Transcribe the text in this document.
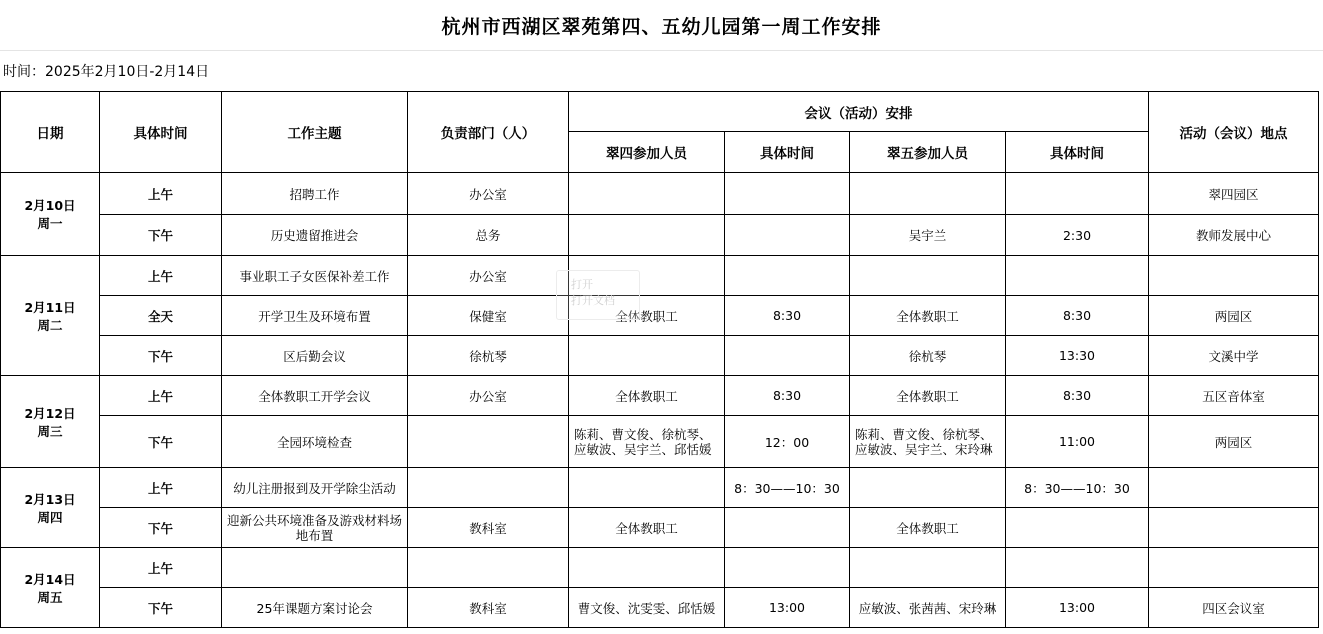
杭州市西湖区翠苑第四、五幼儿园第一周工作安排
时间：2025年2月10日-2月14日
日期	具体时间	工作主题	负责部门（人）	会议（活动）安排				活动（会议）地点
				翠四参加人员	具体时间	翠五参加人员	具体时间	

2月10日
周一	上午	招聘工作	办公室					翠四园区
	下午	历史遗留推进会	总务			吴宇兰	2:30	教师发展中心

2月11日
周二	上午	事业职工子女医保补差工作	办公室					
	全天	开学卫生及环境布置	保健室	全体教职工	8:30	全体教职工	8:30	两园区
	下午	区后勤会议	徐杭琴			徐杭琴	13:30	文溪中学

2月12日
周三	上午	全体教职工开学会议	办公室	全体教职工	8:30	全体教职工	8:30	五区音体室
	下午	全园环境检查		陈莉、曹文俊、徐杭琴、应敏波、吴宇兰、邱恬媛	12：00	陈莉、曹文俊、徐杭琴、应敏波、吴宇兰、宋玲琳	11:00	两园区

2月13日
周四	上午	幼儿注册报到及开学除尘活动			8：30——10：30		8：30——10：30	
	下午	迎新公共环境准备及游戏材料场地布置	教科室	全体教职工		全体教职工		

2月14日
周五	上午							
	下午	25年课题方案讨论会	教科室	曹文俊、沈雯雯、邱恬媛	13:00	应敏波、张茜茜、宋玲琳	13:00	四区会议室
打开
打开文档
